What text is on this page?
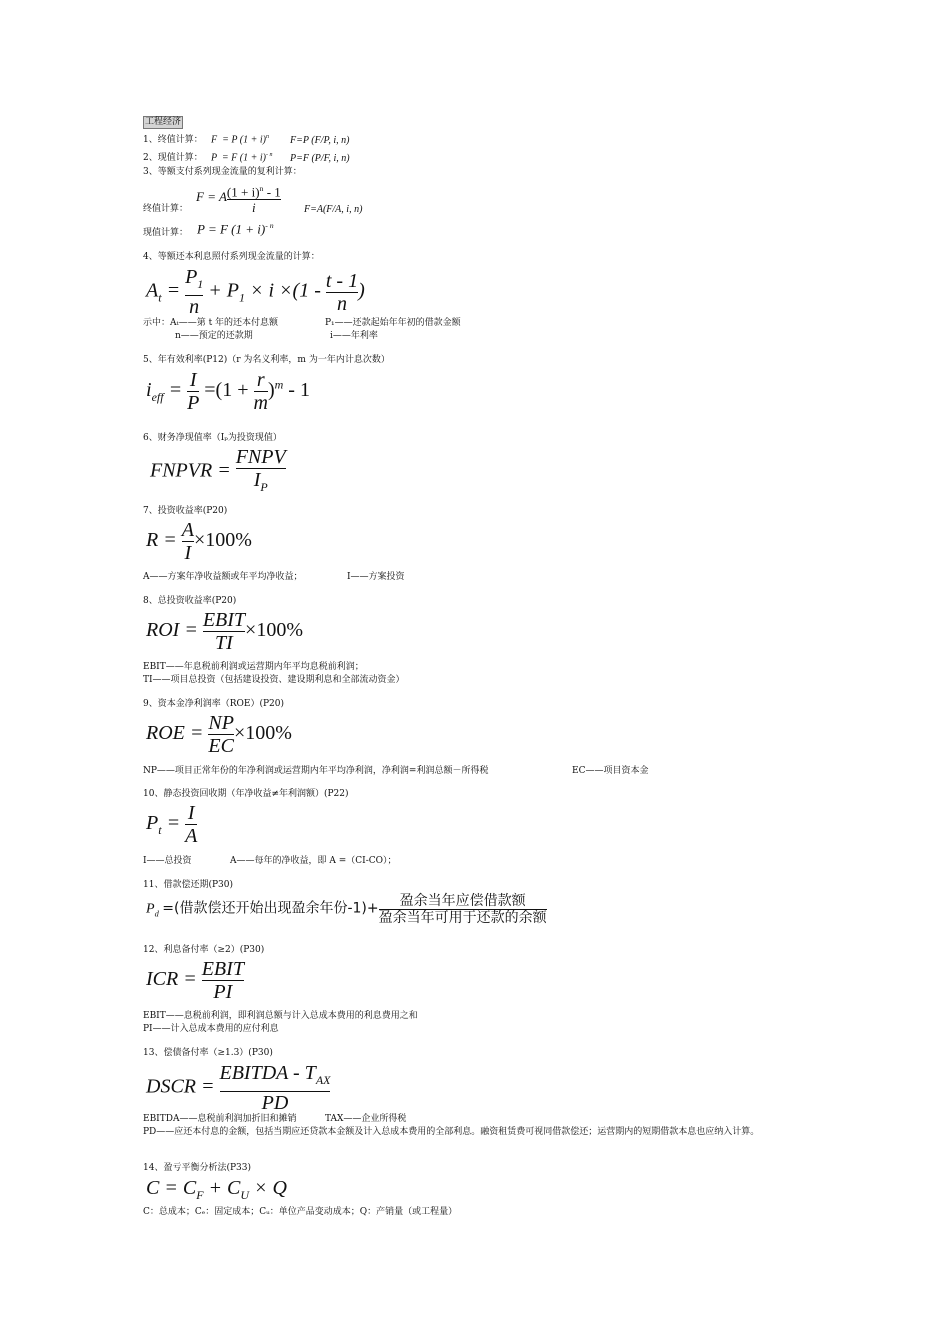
工程经济
1、终值计算： F  = P $(1 + i)^n$ F=P (F/P, i, n)
2、现值计算： P  = F $(1 + i)^{- n}$ P=F (P/F, i, n)
3、等额支付系列现金流量的复利计算：
终值计算：
F = A $\frac{(1 + i)^n - 1}{i} F=A(F/A$, i, n)
现值计算： P = F $(1 + i)^{- n}$
4、等额还本利息照付系列现金流量的计算：
$A_t = \frac{P_1}{n} + P_1 \times i \times(1 - \frac{t - 1}{n}$ )
示中：Aₜ——第 t 年的还本付息额	P₁——还款起始年年初的借款金额
n——预定的还款期	i——年利率
5、年有效利率(P12)（r 为名义利率，m 为一年内计息次数）
$i_{eff} = \frac{I}{P} =(1 + \frac{r}{m} )^m - 1$
6、财务净现值率（Iₚ为投资现值）
FNPVR = $\frac{\text{FNPV}}{I_P}$
7、投资收益率(P20)
$R = \frac{A}{I} \times 100\%$
A——方案年净收益额或年平均净收益；	I——方案投资
8、总投资收益率(P20)
ROI = $\frac{\text{EBIT}}{TI} \times 100\%$
EBIT——年息税前利润或运营期内年平均息税前利润；
TI——项目总投资（包括建设投资、建设期利息和全部流动资金）
9、资本金净利润率（ROE）(P20)
ROE = $\frac{NP}{EC} \times 100\%$
NP——项目正常年份的年净利润或运营期内年平均净利润，净利润=利润总额－所得税	EC——项目资本金
10、静态投资回收期（年净收益≠年利润额）(P22)
$P_t = \frac{I}{A}$
I——总投资	A——每年的净收益，即 A =（CI-CO）；
11、借款偿还期(P30)
$P_d$ =(借款偿还开始出现盈余年份$-1)+ \frac{\text{盈余当年应偿借款额}}{\text{盈余当年可用于还款的余额}}$
12、利息备付率（≥2）(P30)
ICR = $\frac{\text{EBIT}}{PI}$
EBIT——息税前利润，即利润总额与计入总成本费用的利息费用之和
PI——计入总成本费用的应付利息
13、偿债备付率（≥1.3）(P30)
DSCR = $\frac{EBITDA - T_{AX}}{PD}$
EBITDA——息税前利润加折旧和摊销	TAX——企业所得税
PD——应还本付息的金额，包括当期应还贷款本金额及计入总成本费用的全部利息。融资租赁费可视同借款偿还；运营期内的短期借款本息也应纳入计算。
14、盈亏平衡分析法(P33)
$C = C_F + C_U \times Q$
C：总成本；Cₑ：固定成本；Cᵤ：单位产品变动成本；Q：产销量（或工程量）
